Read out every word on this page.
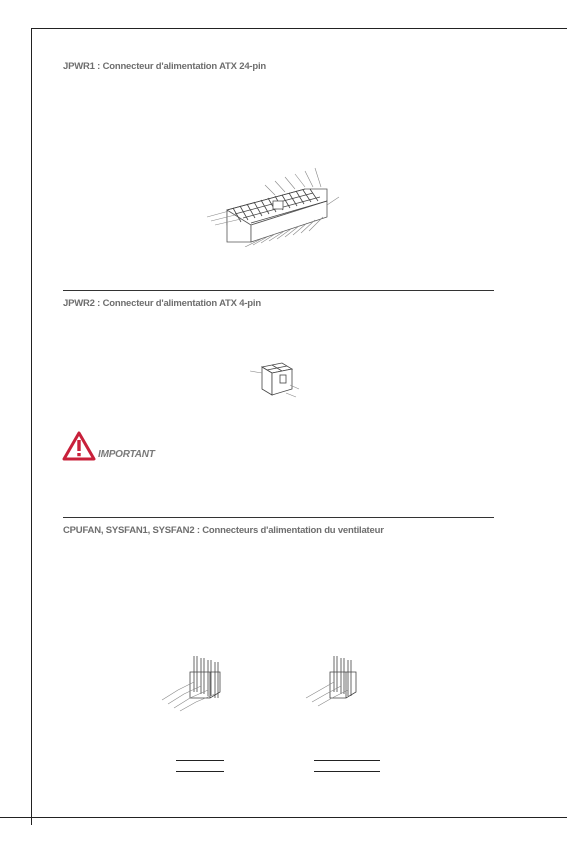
JPWR1 : Connecteur d'alimentation ATX 24-pin
JPWR2 : Connecteur d'alimentation ATX 4-pin
IMPORTANT
CPUFAN, SYSFAN1, SYSFAN2 : Connecteurs d'alimentation du ventilateur
